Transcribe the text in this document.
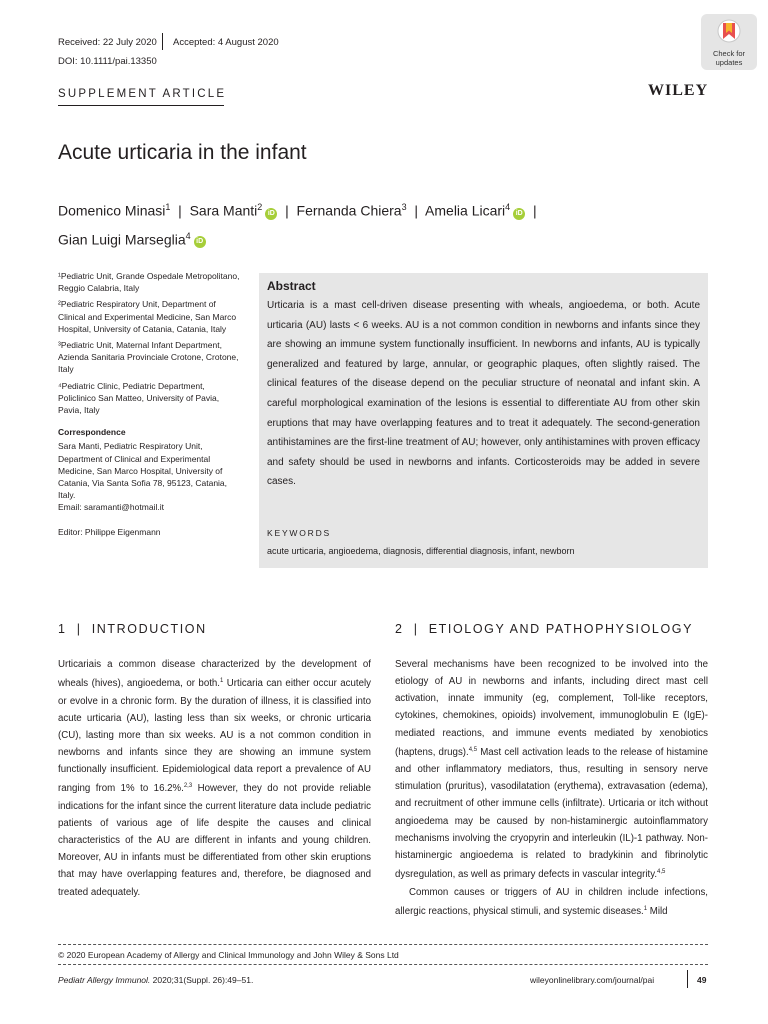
Received: 22 July 2020 Accepted: 4 August 2020
DOI: 10.1111/pai.13350
Check for
updates
SUPPLEMENT ARTICLE	WILEY
Acute urticaria in the infant
Domenico Minasi$^1$ | Sara Manti$^2$iD | Fernanda Chiera$^3$ | Amelia Licari$^4$iD |
Gian Luigi Marseglia$^4$iD

¹Pediatric Unit, Grande Ospedale Metropolitano, Reggio Calabria, Italy

²Pediatric Respiratory Unit, Department of Clinical and Experimental Medicine, San Marco Hospital, University of Catania, Catania, Italy

³Pediatric Unit, Maternal Infant Department, Azienda Sanitaria Provinciale Crotone, Crotone, Italy

⁴Pediatric Clinic, Pediatric Department, Policlinico San Matteo, University of Pavia, Pavia, Italy

Correspondence

Sara Manti, Pediatric Respiratory Unit, Department of Clinical and Experimental Medicine, San Marco Hospital, University of Catania, Via Santa Sofia 78, 95123, Catania, Italy.

Email: saramanti@hotmail.it

Editor: Philippe Eigenmann

Abstract
Urticaria is a mast cell-driven disease presenting with wheals, angioedema, or both. Acute urticaria (AU) lasts < 6 weeks. AU is a not common condition in newborns and infants since they are showing an immune system functionally insufficient. In newborns and infants, AU is typically generalized and featured by large, annular, or geographic plaques, often slightly raised. The clinical features of the disease depend on the peculiar structure of neonatal and infant skin. A careful morphological examination of the lesions is essential to differentiate AU from other skin eruptions that may have overlapping features and to treat it adequately. The second-generation antihistamines are the first-line treatment of AU; however, only antihistamines with proven efficacy and safety should be used in newborns and infants. Corticosteroids may be added in severe cases.
KEYWORDS
acute urticaria, angioedema, diagnosis, differential diagnosis, infant, newborn
1 | INTRODUCTION

Urticariais a common disease characterized by the development of wheals (hives), angioedema, or both.$^1$ Urticaria can either occur acutely or evolve in a chronic form. By the duration of illness, it is classified into acute urticaria (AU), lasting less than six weeks, or chronic urticaria (CU), lasting more than six weeks. AU is a not common condition in newborns and infants since they are showing an immune system functionally insufficient. Epidemiological data report a prevalence of AU ranging from 1% to 16.2%.$^{2,3}$ However, they do not provide reliable indications for the infant since the current literature data include pediatric patients of various age of life despite the causes and clinical characteristics of the AU are different in infants and young children. Moreover, AU in infants must be differentiated from other skin eruptions that may have overlapping features and, therefore, be diagnosed and treated adequately.

2 | ETIOLOGY AND PATHOPHYSIOLOGY

Several mechanisms have been recognized to be involved into the etiology of AU in newborns and infants, including direct mast cell activation, innate immunity (eg, complement, Toll-like receptors, cytokines, chemokines, opioids) involvement, immunoglobulin E (IgE)-mediated reactions, and immune events mediated by xenobiotics (haptens, drugs).$^{4,5}$ Mast cell activation leads to the release of histamine and other inflammatory mediators, thus, resulting in sensory nerve stimulation (pruritus), vasodilatation (erythema), extravasation (edema), and recruitment of other immune cells (infiltrate). Urticaria or itch without angioedema may be caused by non-histaminergic autoinflammatory mechanisms involving the cryopyrin and interleukin (IL)-1 pathway. Non-histaminergic angioedema is related to bradykinin and fibrinolytic dysregulation, as well as primary defects in vascular integrity.$^{4,5}$

Common causes or triggers of AU in children include infections, allergic reactions, physical stimuli, and systemic diseases.$^1$ Mild

© 2020 European Academy of Allergy and Clinical Immunology and John Wiley & Sons Ltd
Pediatr Allergy Immunol. 2020;31(Suppl. 26):49–51.	wileyonlinelibrary.com/journal/pai	49
